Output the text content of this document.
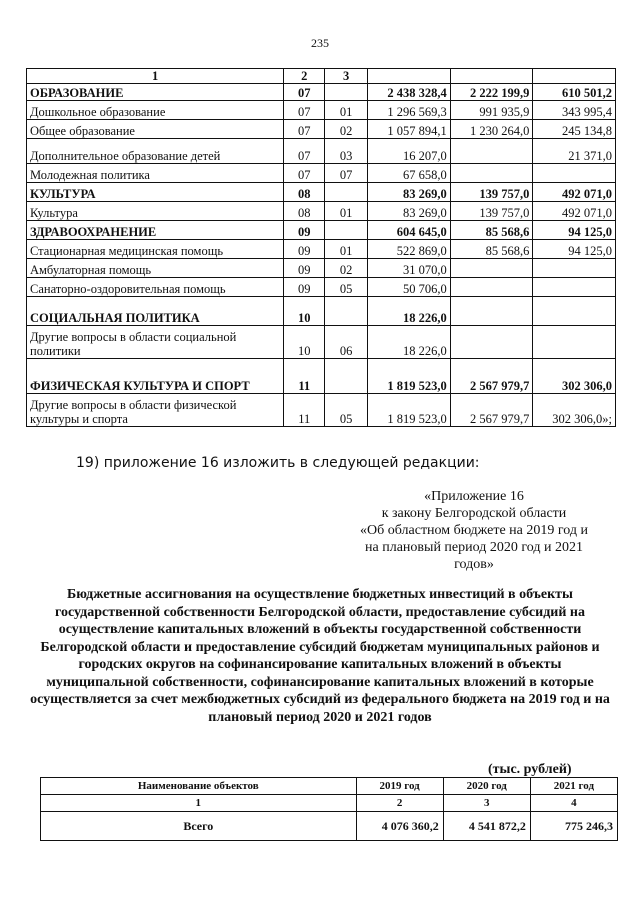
235
1	2	3			
ОБРАЗОВАНИЕ	07		2 438 328,4	2 222 199,9	610 501,2
Дошкольное образование	07	01	1 296 569,3	991 935,9	343 995,4
Общее образование	07	02	1 057 894,1	1 230 264,0	245 134,8
Дополнительное образование детей	07	03	16 207,0		21 371,0
Молодежная политика	07	07	67 658,0		
КУЛЬТУРА	08		83 269,0	139 757,0	492 071,0
Культура	08	01	83 269,0	139 757,0	492 071,0
ЗДРАВООХРАНЕНИЕ	09		604 645,0	85 568,6	94 125,0
Стационарная медицинская помощь	09	01	522 869,0	85 568,6	94 125,0
Амбулаторная помощь	09	02	31 070,0		
Санаторно-оздоровительная помощь	09	05	50 706,0		
СОЦИАЛЬНАЯ ПОЛИТИКА	10		18 226,0		
Другие вопросы в области социальной политики	10	06	18 226,0		
ФИЗИЧЕСКАЯ КУЛЬТУРА И СПОРТ	11		1 819 523,0	2 567 979,7	302 306,0
Другие вопросы в области физической культуры и спорта	11	05	1 819 523,0	2 567 979,7	302 306,0»;
19) приложение 16 изложить в следующей редакции:
«Приложение 16
к закону Белгородской области
«Об областном бюджете на 2019 год и
на плановый период 2020 год и 2021
годов»
Бюджетные ассигнования на осуществление бюджетных инвестиций в объекты государственной собственности Белгородской области, предоставление субсидий на осуществление капитальных вложений в объекты государственной собственности Белгородской области и предоставление субсидий бюджетам муниципальных районов и городских округов на софинансирование капитальных вложений в объекты муниципальной собственности, софинансирование капитальных вложений в которые осуществляется за счет межбюджетных субсидий из федерального бюджета на 2019 год и на плановый период 2020 и 2021 годов
(тыс. рублей)
Наименование объектов	2019 год	2020 год	2021 год
1	2	3	4
Всего	4 076 360,2	4 541 872,2	775 246,3
